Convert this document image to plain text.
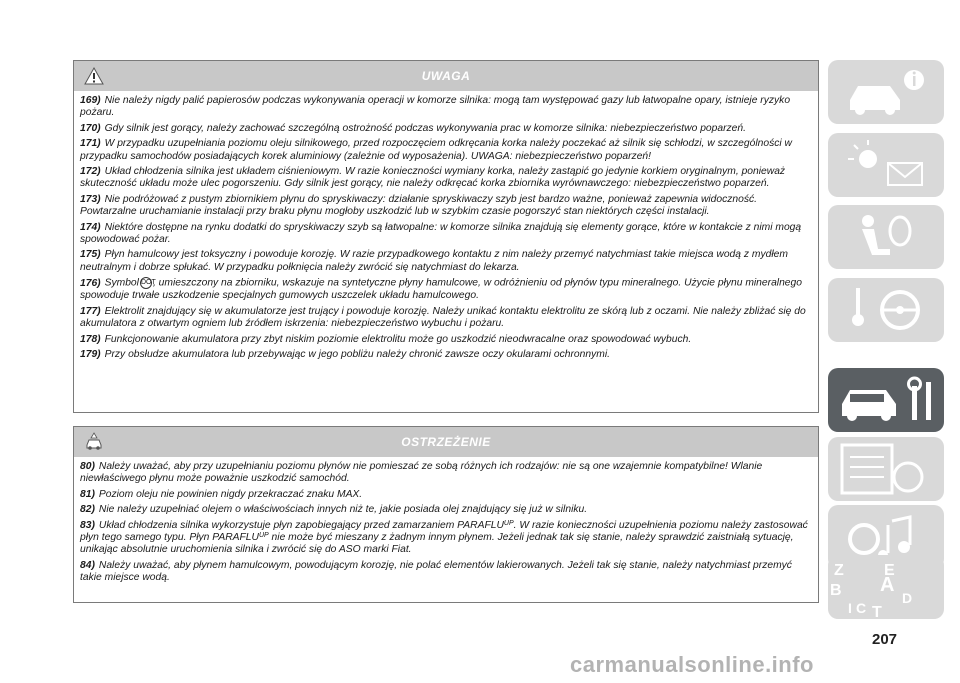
UWAGA

169) Nie należy nigdy palić papierosów podczas wykonywania operacji w komorze silnika: mogą tam występować gazy lub łatwopalne opary, istnieje ryzyko pożaru.

170) Gdy silnik jest gorący, należy zachować szczególną ostrożność podczas wykonywania prac w komorze silnika: niebezpieczeństwo poparzeń.

171) W przypadku uzupełniania poziomu oleju silnikowego, przed rozpoczęciem odkręcania korka należy poczekać aż silnik się schłodzi, w szczególności w przypadku samochodów posiadających korek aluminiowy (zależnie od wyposażenia). UWAGA: niebezpieczeństwo poparzeń!

172) Układ chłodzenia silnika jest układem ciśnieniowym. W razie konieczności wymiany korka, należy zastąpić go jedynie korkiem oryginalnym, ponieważ skuteczność układu może ulec pogorszeniu. Gdy silnik jest gorący, nie należy odkręcać korka zbiornika wyrównawczego: niebezpieczeństwo poparzeń.

173) Nie podróżować z pustym zbiornikiem płynu do spryskiwaczy: działanie spryskiwaczy szyb jest bardzo ważne, ponieważ zapewnia widoczność. Powtarzalne uruchamianie instalacji przy braku płynu mogłoby uszkodzić lub w szybkim czasie pogorszyć stan niektórych części instalacji.

174) Niektóre dostępne na rynku dodatki do spryskiwaczy szyb są łatwopalne: w komorze silnika znajdują się elementy gorące, które w kontakcie z nimi mogą spowodować pożar.

175) Płyn hamulcowy jest toksyczny i powoduje korozję. W razie przypadkowego kontaktu z nim należy przemyć natychmiast takie miejsca wodą z mydłem neutralnym i dobrze spłukać. W przypadku połknięcia należy zwrócić się natychmiast do lekarza.

176) Symbol DOT, umieszczony na zbiorniku, wskazuje na syntetyczne płyny hamulcowe, w odróżnieniu od płynów typu mineralnego. Użycie płynu mineralnego spowoduje trwałe uszkodzenie specjalnych gumowych uszczelek układu hamulcowego.

177) Elektrolit znajdujący się w akumulatorze jest trujący i powoduje korozję. Należy unikać kontaktu elektrolitu ze skórą lub z oczami. Nie należy zbliżać się do akumulatora z otwartym ogniem lub źródłem iskrzenia: niebezpieczeństwo wybuchu i pożaru.

178) Funkcjonowanie akumulatora przy zbyt niskim poziomie elektrolitu może go uszkodzić nieodwracalne oraz spowodować wybuch.

179) Przy obsłudze akumulatora lub przebywając w jego pobliżu należy chronić zawsze oczy okularami ochronnymi.

OSTRZEŻENIE

80) Należy uważać, aby przy uzupełnianiu poziomu płynów nie pomieszać ze sobą różnych ich rodzajów: nie są one wzajemnie kompatybilne! Wlanie niewłaściwego płynu może poważnie uszkodzić samochód.

81) Poziom oleju nie powinien nigdy przekraczać znaku MAX.

82) Nie należy uzupełniać olejem o właściwościach innych niż te, jakie posiada olej znajdujący się już w silniku.

83) Układ chłodzenia silnika wykorzystuje płyn zapobiegający przed zamarzaniem $PARAFLU^{UP}$. W razie konieczności uzupełnienia poziomu należy zastosować płyn tego samego typu. Płyn $PARAFLU^{UP}$ nie może być mieszany z żadnym innym płynem. Jeżeli jednak tak się stanie, należy sprawdzić zaistniałą sytuację, unikając absolutnie uruchomienia silnika i zwrócić się do ASO marki Fiat.

84) Należy uważać, aby płynem hamulcowym, powodującym korozję, nie polać elementów lakierowanych. Jeżeli tak się stanie, należy natychmiast przemyć takie miejsce wodą.	Z	E
B A
D
I C T
207
carmanualsonline.info
